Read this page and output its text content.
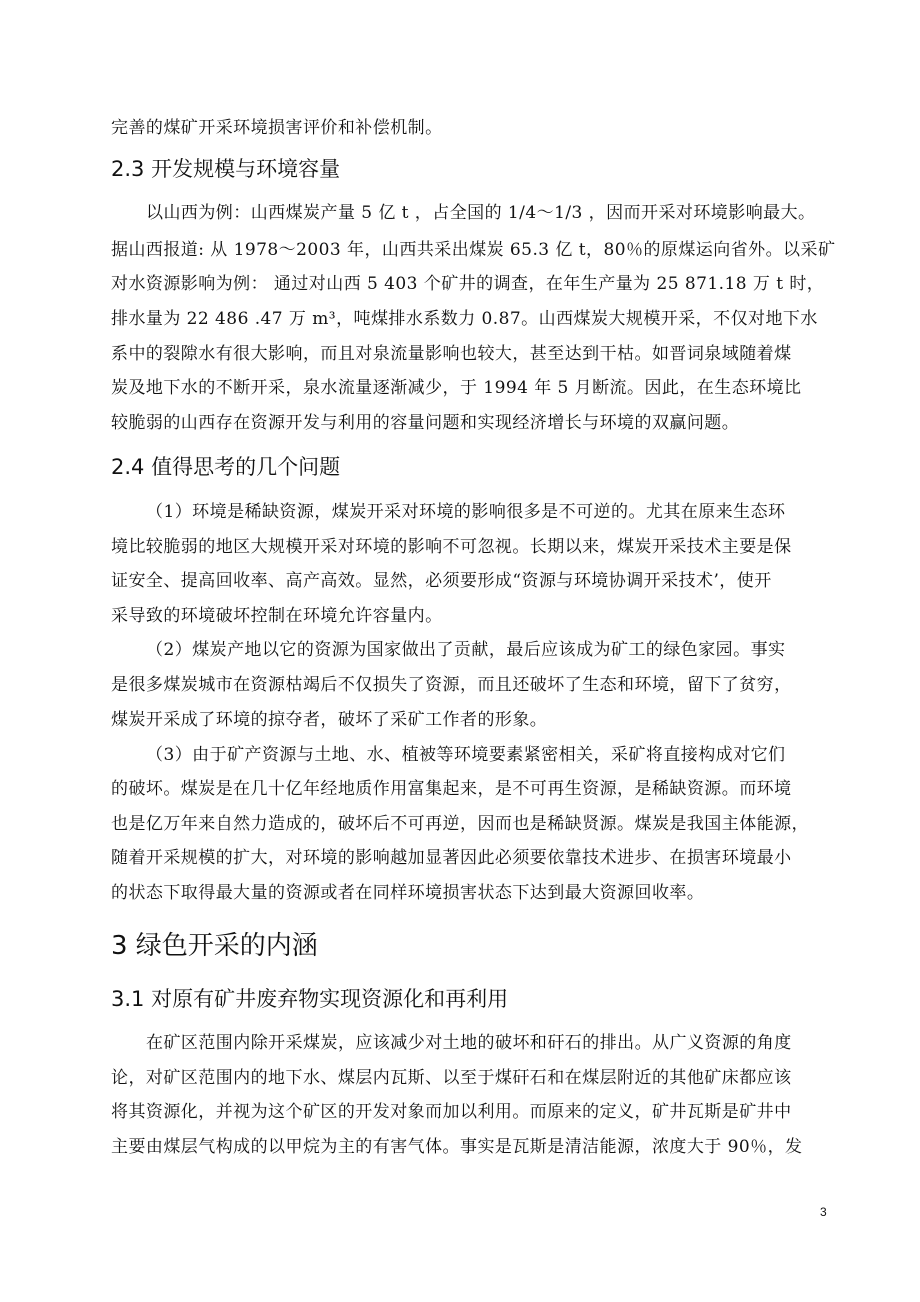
完善的煤矿开采环境损害评价和补偿机制。
2.3 开发规模与环境容量
以山西为例：山西煤炭产量 5 亿 t ，占全国的 1/4～1/3 ，因而开采对环境影响最大。
据山西报道: 从 1978～2003 年，山西共采出煤炭 65.3 亿 t，80％的原煤运向省外。以采矿
对水资源影响为例： 通过对山西 5 403 个矿井的调查，在年生产量为 25 871.18 万 t 时，
排水量为 22 486 .47 万 m³，吨煤排水系数力 0.87。山西煤炭大规模开采，不仅对地下水
系中的裂隙水有很大影响，而且对泉流量影响也较大，甚至达到干枯。如晋词泉域随着煤
炭及地下水的不断开采，泉水流量逐渐减少，于 1994 年 5 月断流。因此，在生态环境比
较脆弱的山西存在资源开发与利用的容量问题和实现经济增长与环境的双赢问题。
2.4 值得思考的几个问题
（1）环境是稀缺资源，煤炭开采对环境的影响很多是不可逆的。尤其在原来生态环
境比较脆弱的地区大规模开采对环境的影响不可忽视。长期以来，煤炭开采技术主要是保
证安全、提高回收率、高产高效。显然，必须要形成“资源与环境协调开采技术’，使开
采导致的环境破坏控制在环境允许容量内。
（2）煤炭产地以它的资源为国家做出了贡献，最后应该成为矿工的绿色家园。事实
是很多煤炭城市在资源枯竭后不仅损失了资源，而且还破坏了生态和环境，留下了贫穷，
煤炭开采成了环境的掠夺者，破坏了采矿工作者的形象。
（3）由于矿产资源与土地、水、植被等环境要素紧密相关，采矿将直接构成对它们
的破坏。煤炭是在几十亿年经地质作用富集起来，是不可再生资源，是稀缺资源。而环境
也是亿万年来自然力造成的，破坏后不可再逆，因而也是稀缺贤源。煤炭是我国主体能源，
随着开采规模的扩大，对环境的影响越加显著因此必须要依靠技术进步、在损害环境最小
的状态下取得最大量的资源或者在同样环境损害状态下达到最大资源回收率。
3 绿色开采的内涵
3.1 对原有矿井废弃物实现资源化和再利用
在矿区范围内除开采煤炭，应该减少对土地的破坏和矸石的排出。从广义资源的角度
论，对矿区范围内的地下水、煤层内瓦斯、以至于煤矸石和在煤层附近的其他矿床都应该
将其资源化，并视为这个矿区的开发对象而加以利用。而原来的定义，矿井瓦斯是矿井中
主要由煤层气构成的以甲烷为主的有害气体。事实是瓦斯是清洁能源，浓度大于 90％，发
3
